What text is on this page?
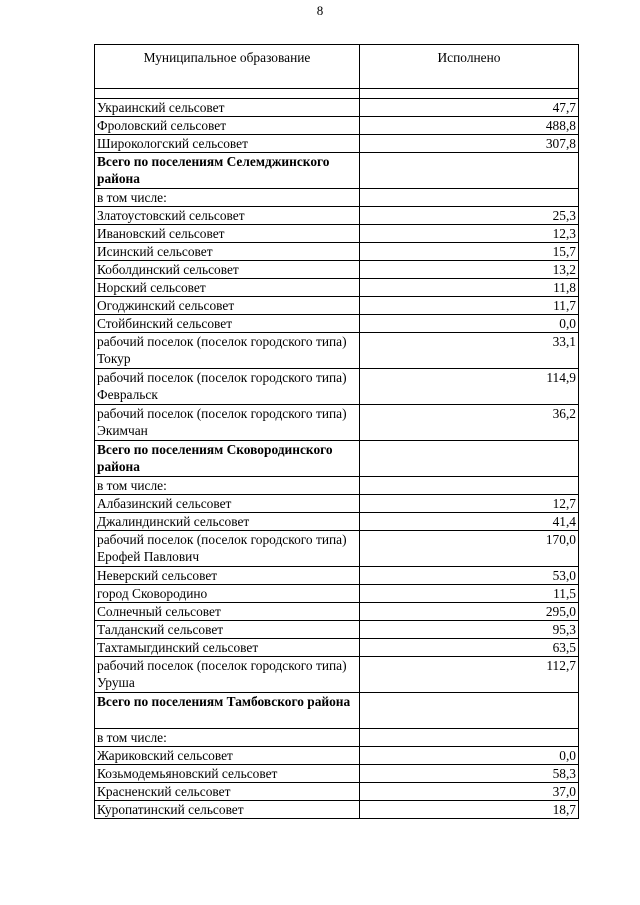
8
Муниципальное образование	Исполнено

Украинский сельсовет	47,7
Фроловский сельсовет	488,8
Широкологский сельсовет	307,8
Всего по поселениям Селемджинского района	
в том числе:	
Златоустовский сельсовет	25,3
Ивановский сельсовет	12,3
Исинский сельсовет	15,7
Коболдинский сельсовет	13,2
Норский сельсовет	11,8
Огоджинский сельсовет	11,7
Стойбинский сельсовет	0,0
рабочий поселок (поселок городского типа) Токур	33,1
рабочий поселок (поселок городского типа) Февральск	114,9
рабочий поселок (поселок городского типа) Экимчан	36,2
Всего по поселениям Сковородинского района	
в том числе:	
Албазинский сельсовет	12,7
Джалиндинский сельсовет	41,4
рабочий поселок (поселок городского типа) Ерофей Павлович	170,0
Неверский сельсовет	53,0
город Сковородино	11,5
Солнечный сельсовет	295,0
Талданский сельсовет	95,3
Тахтамыгдинский сельсовет	63,5
рабочий поселок (поселок городского типа) Уруша	112,7
Всего по поселениям Тамбовского района	
в том числе:	
Жариковский сельсовет	0,0
Козьмодемьяновский сельсовет	58,3
Красненский сельсовет	37,0
Куропатинский сельсовет	18,7
